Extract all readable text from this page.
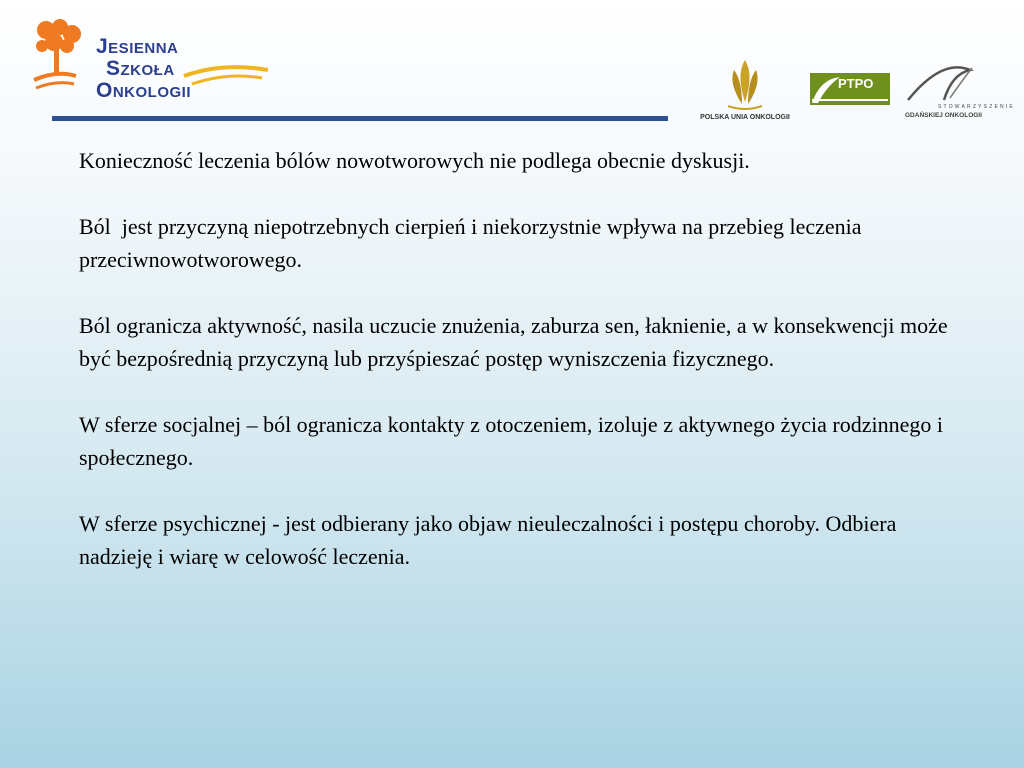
Jesienna
Szkoła
Onkologii
POLSKA UNIA ONKOLOGII
PTPO
STOWARZYSZENIE
GDAŃSKIEJ ONKOLOGII

Konieczność leczenia bólów nowotworowych nie podlega obecnie dyskusji.

Ból  jest przyczyną niepotrzebnych cierpień i niekorzystnie wpływa na przebieg leczenia przeciwnowotworowego.

Ból ogranicza aktywność, nasila uczucie znużenia, zaburza sen, łaknienie, a w konsekwencji może być bezpośrednią przyczyną lub przyśpieszać postęp wyniszczenia fizycznego.

W sferze socjalnej – ból ogranicza kontakty z otoczeniem, izoluje z aktywnego życia rodzinnego i społecznego.

W sferze psychicznej - jest odbierany jako objaw nieuleczalności i postępu choroby. Odbiera nadzieję i wiarę w celowość leczenia.
